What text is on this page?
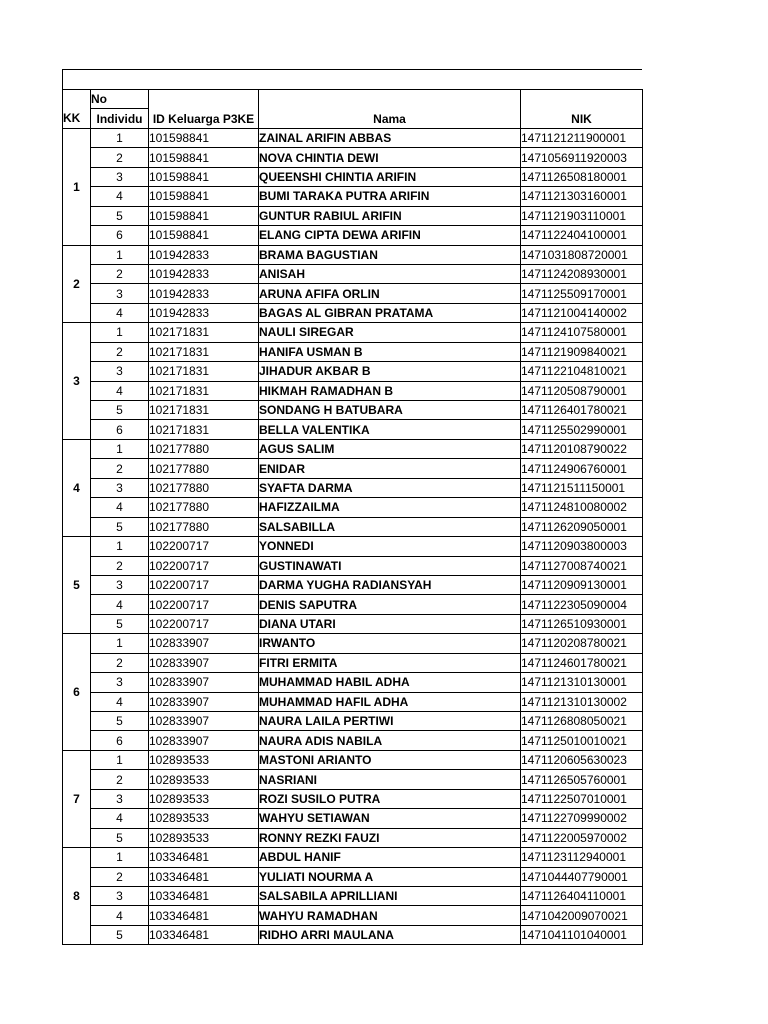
	No	ID Keluarga P3KE	Nama	NIK
KK	Individu			
1	1	101598841	ZAINAL ARIFIN ABBAS	1471121211900001
	2	101598841	NOVA CHINTIA DEWI	1471056911920003
	3	101598841	QUEENSHI CHINTIA ARIFIN	1471126508180001
	4	101598841	BUMI TARAKA PUTRA ARIFIN	1471121303160001
	5	101598841	GUNTUR RABIUL ARIFIN	1471121903110001
	6	101598841	ELANG CIPTA DEWA ARIFIN	1471122404100001
2	1	101942833	BRAMA BAGUSTIAN	1471031808720001
	2	101942833	ANISAH	1471124208930001
	3	101942833	ARUNA AFIFA ORLIN	1471125509170001
	4	101942833	BAGAS AL GIBRAN PRATAMA	1471121004140002
3	1	102171831	NAULI SIREGAR	1471124107580001
	2	102171831	HANIFA USMAN B	1471121909840021
	3	102171831	JIHADUR AKBAR B	1471122104810021
	4	102171831	HIKMAH RAMADHAN B	1471120508790001
	5	102171831	SONDANG H BATUBARA	1471126401780021
	6	102171831	BELLA VALENTIKA	1471125502990001
4	1	102177880	AGUS SALIM	1471120108790022
	2	102177880	ENIDAR	1471124906760001
	3	102177880	SYAFTA DARMA	1471121511150001
	4	102177880	HAFIZZAILMA	1471124810080002
	5	102177880	SALSABILLA	1471126209050001
5	1	102200717	YONNEDI	1471120903800003
	2	102200717	GUSTINAWATI	1471127008740021
	3	102200717	DARMA YUGHA RADIANSYAH	1471120909130001
	4	102200717	DENIS SAPUTRA	1471122305090004
	5	102200717	DIANA UTARI	1471126510930001
6	1	102833907	IRWANTO	1471120208780021
	2	102833907	FITRI ERMITA	1471124601780021
	3	102833907	MUHAMMAD HABIL ADHA	1471121310130001
	4	102833907	MUHAMMAD HAFIL ADHA	1471121310130002
	5	102833907	NAURA LAILA PERTIWI	1471126808050021
	6	102833907	NAURA ADIS NABILA	1471125010010021
7	1	102893533	MASTONI ARIANTO	1471120605630023
	2	102893533	NASRIANI	1471126505760001
	3	102893533	ROZI SUSILO PUTRA	1471122507010001
	4	102893533	WAHYU SETIAWAN	1471122709990002
	5	102893533	RONNY REZKI FAUZI	1471122005970002
8	1	103346481	ABDUL HANIF	1471123112940001
	2	103346481	YULIATI NOURMA A	1471044407790001
	3	103346481	SALSABILA APRILLIANI	1471126404110001
	4	103346481	WAHYU RAMADHAN	1471042009070021
	5	103346481	RIDHO ARRI MAULANA	1471041101040001
